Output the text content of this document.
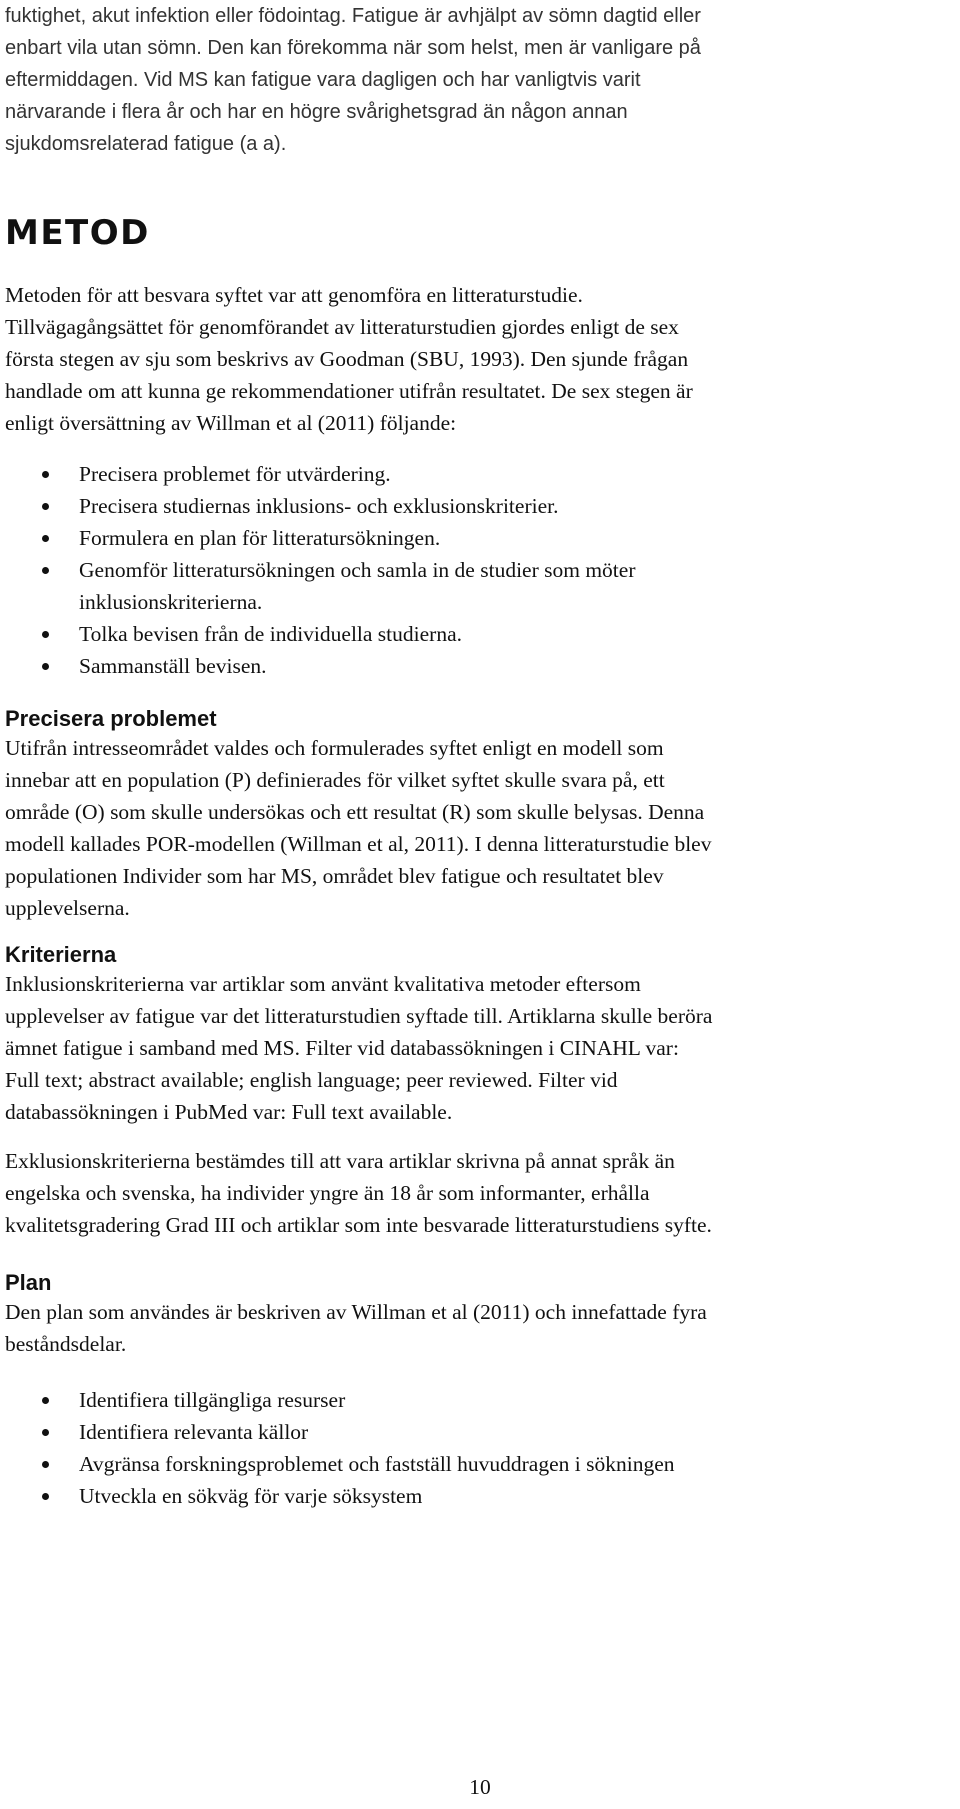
fuktighet, akut infektion eller födointag. Fatigue är avhjälpt av sömn dagtid eller
enbart vila utan sömn. Den kan förekomma när som helst, men är vanligare på
eftermiddagen. Vid MS kan fatigue vara dagligen och har vanligtvis varit
närvarande i flera år och har en högre svårighetsgrad än någon annan
sjukdomsrelaterad fatigue (a a).
METOD
Metoden för att besvara syftet var att genomföra en litteraturstudie.
Tillvägagångsättet för genomförandet av litteraturstudien gjordes enligt de sex
första stegen av sju som beskrivs av Goodman (SBU, 1993). Den sjunde frågan
handlade om att kunna ge rekommendationer utifrån resultatet. De sex stegen är
enligt översättning av Willman et al (2011) följande:
Precisera problemet för utvärdering.
Precisera studiernas inklusions- och exklusionskriterier.
Formulera en plan för litteratursökningen.
Genomför litteratursökningen och samla in de studier som möter
inklusionskriterierna.
Tolka bevisen från de individuella studierna.
Sammanställ bevisen.
Precisera problemet
Utifrån intresseområdet valdes och formulerades syftet enligt en modell som
innebar att en population (P) definierades för vilket syftet skulle svara på, ett
område (O) som skulle undersökas och ett resultat (R) som skulle belysas. Denna
modell kallades POR-modellen (Willman et al, 2011). I denna litteraturstudie blev
populationen Individer som har MS, området blev fatigue och resultatet blev
upplevelserna.
Kriterierna
Inklusionskriterierna var artiklar som använt kvalitativa metoder eftersom
upplevelser av fatigue var det litteraturstudien syftade till. Artiklarna skulle beröra
ämnet fatigue i samband med MS. Filter vid databassökningen i CINAHL var:
Full text; abstract available; english language; peer reviewed. Filter vid
databassökningen i PubMed var: Full text available.
Exklusionskriterierna bestämdes till att vara artiklar skrivna på annat språk än
engelska och svenska, ha individer yngre än 18 år som informanter, erhålla
kvalitetsgradering Grad III och artiklar som inte besvarade litteraturstudiens syfte.
Plan
Den plan som användes är beskriven av Willman et al (2011) och innefattade fyra
beståndsdelar.
Identifiera tillgängliga resurser
Identifiera relevanta källor
Avgränsa forskningsproblemet och fastställ huvuddragen i sökningen
Utveckla en sökväg för varje söksystem
10
